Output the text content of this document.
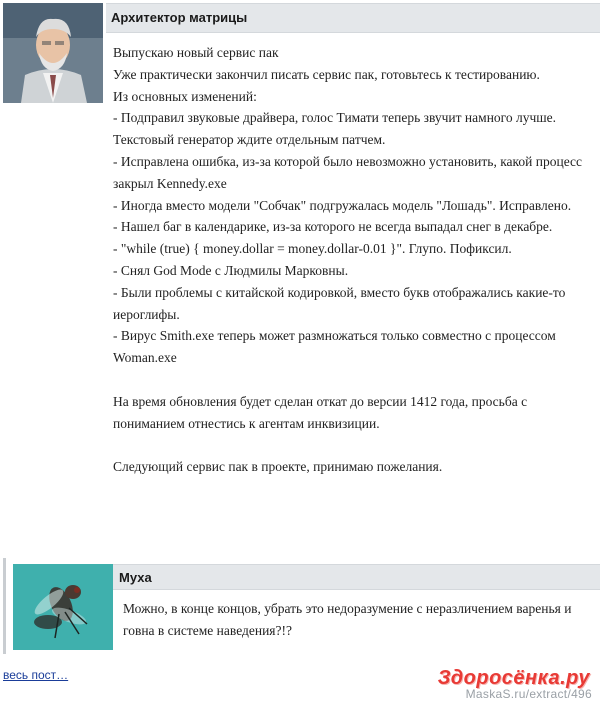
Архитектор матрицы

Выпускаю новый сервис пак

Уже практически закончил писать сервис пак, готовьтесь к тестированию.

Из основных изменений:

- Подправил звуковые драйвера, голос Тимати теперь звучит намного лучше. Текстовый генератор ждите отдельным патчем.

- Исправлена ошибка, из-за которой было невозможно установить, какой процесс закрыл Kennedy.exe

- Иногда вместо модели "Собчак" подгружалась модель "Лошадь". Исправлено.

- Нашел баг в календарике, из-за которого не всегда выпадал снег в декабре.

- "while (true) { money.dollar = money.dollar-0.01 }". Глупо. Пофиксил.

- Снял God Mode с Людмилы Марковны.

- Были проблемы с китайской кодировкой, вместо букв отображались какие-то иероглифы.

- Вирус Smith.exe теперь может размножаться только совместно с процессом Woman.exe

На время обновления будет сделан откат до версии 1412 года, просьба с пониманием отнестись к агентам инквизиции.

Следующий сервис пак в проекте, принимаю пожелания.

Муха
Можно, в конце концов, убрать это недоразумение с неразличением варенья и говна в системе наведения?!?
весь пост…	Здоросёнка.ру
MaskaS.ru/extract/496
